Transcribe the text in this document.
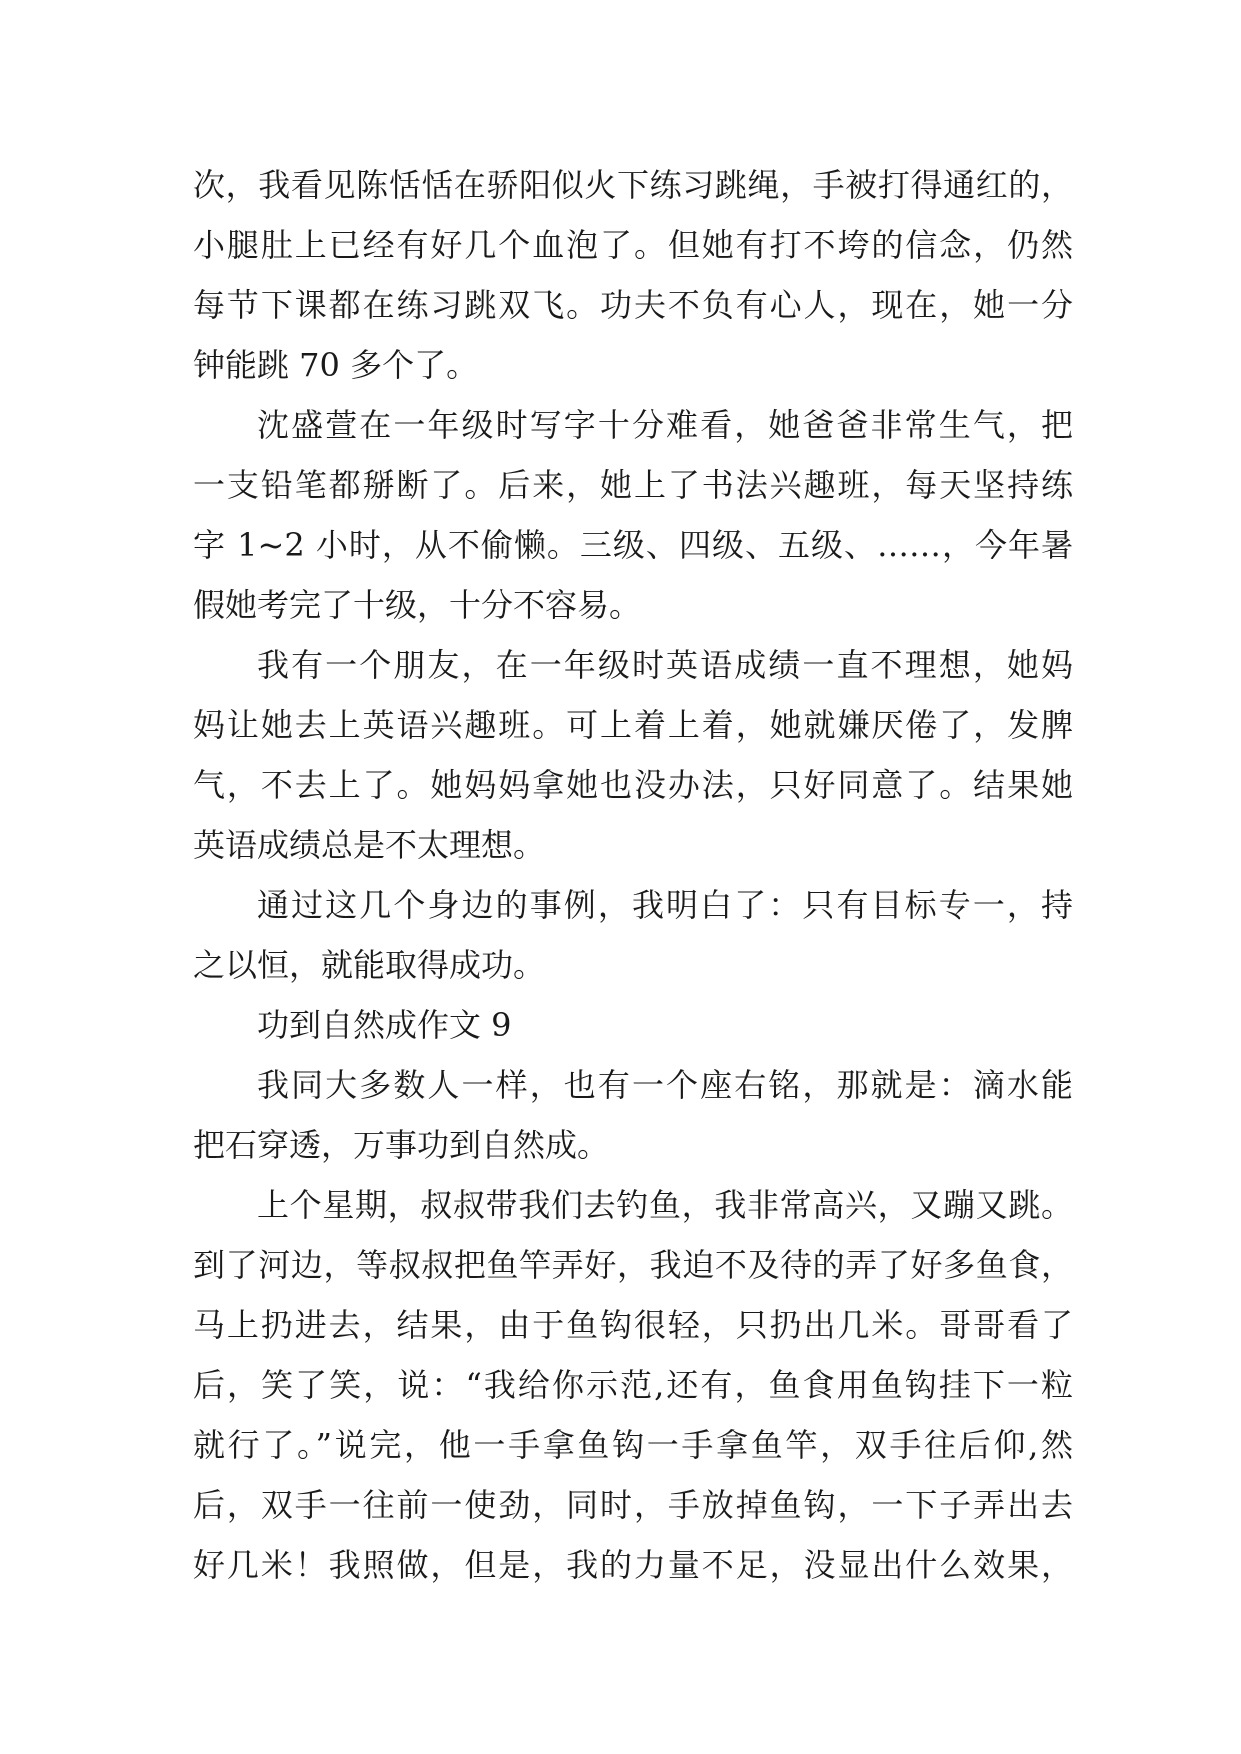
次，我看见陈恬恬在骄阳似火下练习跳绳，手被打得通红的，
小腿肚上已经有好几个血泡了。但她有打不垮的信念，仍然
每节下课都在练习跳双飞。功夫不负有心人，现在，她一分
钟能跳 70 多个了。
沈盛萱在一年级时写字十分难看，她爸爸非常生气，把
一支铅笔都掰断了。后来，她上了书法兴趣班，每天坚持练
字 1~2 小时，从不偷懒。三级、四级、五级、……，今年暑
假她考完了十级，十分不容易。
我有一个朋友，在一年级时英语成绩一直不理想，她妈
妈让她去上英语兴趣班。可上着上着，她就嫌厌倦了，发脾
气，不去上了。她妈妈拿她也没办法，只好同意了。结果她
英语成绩总是不太理想。
通过这几个身边的事例，我明白了：只有目标专一，持
之以恒，就能取得成功。
功到自然成作文 9
我同大多数人一样，也有一个座右铭，那就是：滴水能
把石穿透，万事功到自然成。
上个星期，叔叔带我们去钓鱼，我非常高兴，又蹦又跳。
到了河边，等叔叔把鱼竿弄好，我迫不及待的弄了好多鱼食，
马上扔进去，结果，由于鱼钩很轻，只扔出几米。哥哥看了
后，笑了笑，说：“我给你示范,还有，鱼食用鱼钩挂下一粒
就行了。”说完，他一手拿鱼钩一手拿鱼竿，双手往后仰,然
后，双手一往前一使劲，同时，手放掉鱼钩，一下子弄出去
好几米！我照做，但是，我的力量不足，没显出什么效果，
